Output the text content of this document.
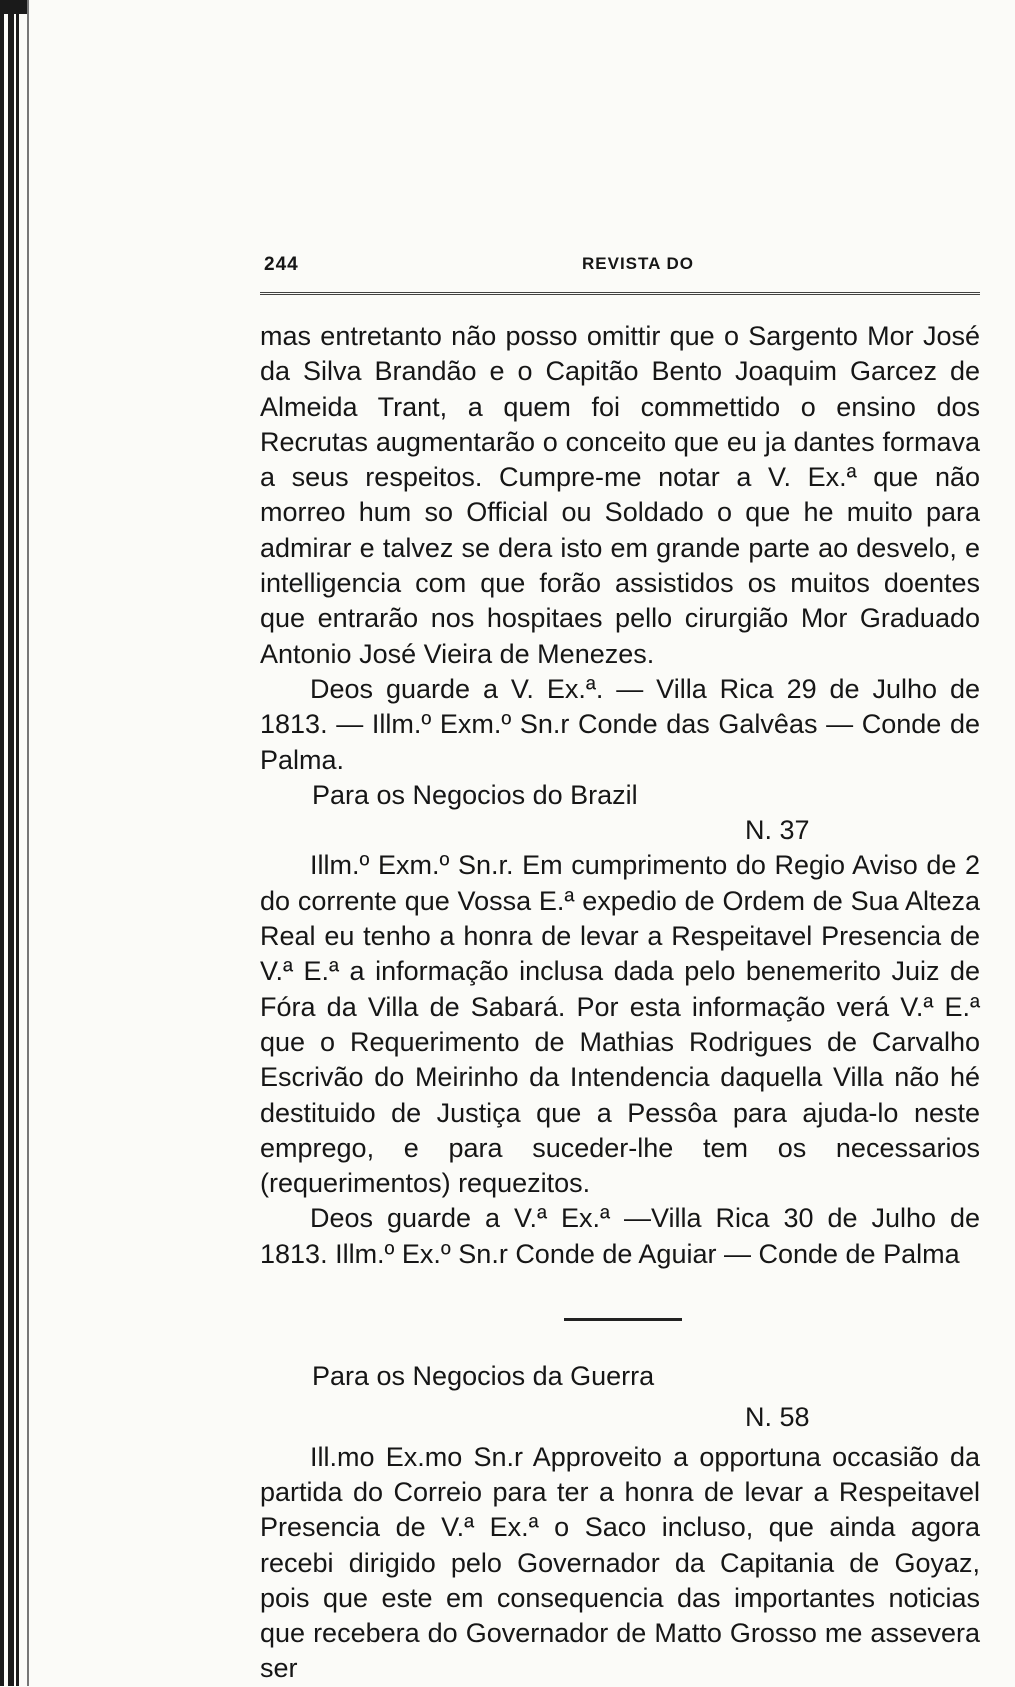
244	REVISTA DO

mas entretanto não posso omittir que o Sargento Mor José da Silva Brandão e o Capitão Bento Joaquim Garcez de Almeida Trant, a quem foi commettido o ensino dos Recrutas augmentarão o conceito que eu ja dantes formava a seus respeitos. Cumpre-me notar a V. Ex.ª que não morreo hum so Official ou Soldado o que he muito para admirar e talvez se dera isto em grande parte ao desvelo, e intelligencia com que forão assistidos os muitos doentes que entrarão nos hospitaes pello cirurgião Mor Graduado Antonio José Vieira de Menezes.

Deos guarde a V. Ex.ª. — Villa Rica 29 de Julho de 1813. — Illm.º Exm.º Sn.r Conde das Galvêas — Conde de Palma.

Para os Negocios do Brazil

N. 37

Illm.º Exm.º Sn.r. Em cumprimento do Regio Aviso de 2 do corrente que Vossa E.ª expedio de Ordem de Sua Alteza Real eu tenho a honra de levar a Respeitavel Presencia de V.ª E.ª a informação inclusa dada pelo benemerito Juiz de Fóra da Villa de Sabará. Por esta informação verá V.ª E.ª que o Requerimento de Mathias Rodrigues de Carvalho Escrivão do Meirinho da Intendencia daquella Villa não hé destituido de Justiça que a Pessôa para ajuda-lo neste emprego, e para suceder-lhe tem os necessarios (requerimentos) requezitos.

Deos guarde a V.ª Ex.ª —Villa Rica 30 de Julho de 1813. Illm.º Ex.º Sn.r Conde de Aguiar — Conde de Palma

Para os Negocios da Guerra

N. 58

Ill.mo Ex.mo Sn.r Approveito a opportuna occasião da partida do Correio para ter a honra de levar a Respeitavel Presencia de V.ª Ex.ª o Saco incluso, que ainda agora recebi dirigido pelo Governador da Capitania de Goyaz, pois que este em consequencia das importantes noticias que recebera do Governador de Matto Grosso me assevera ser
